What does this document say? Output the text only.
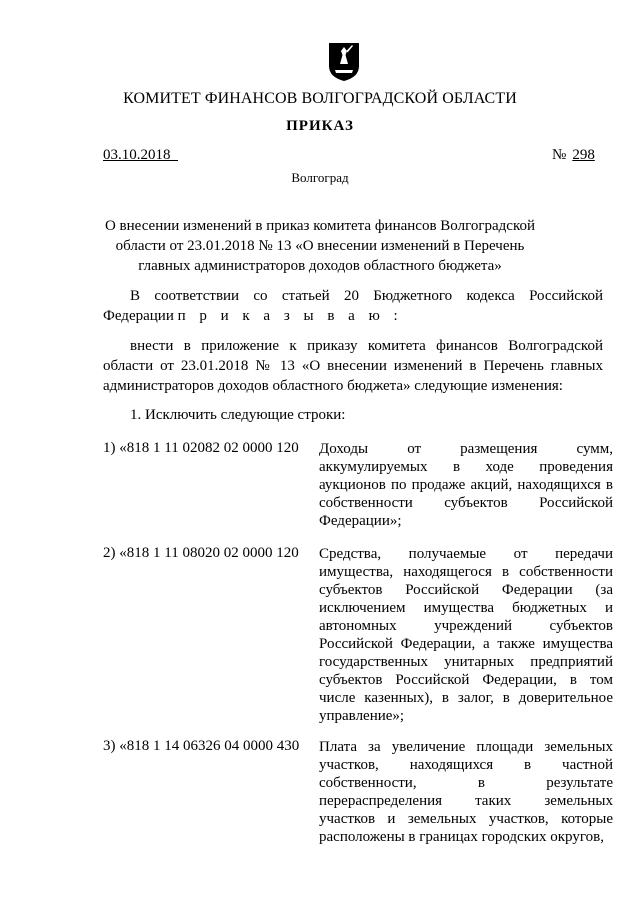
КОМИТЕТ ФИНАНСОВ ВОЛГОГРАДСКОЙ ОБЛАСТИ
ПРИКАЗ
03.10.2018	№ 298
Волгоград
О внесении изменений в приказ комитета финансов Волгоградской области от 23.01.2018 № 13 «О внесении изменений в Перечень главных администраторов доходов областного бюджета»
В соответствии со статьей 20 Бюджетного кодекса Российской Федерации п р и к а з ы в а ю :
внести в приложение к приказу комитета финансов Волгоградской области от 23.01.2018 № 13 «О внесении изменений в Перечень главных администраторов доходов областного бюджета» следующие изменения:
1. Исключить следующие строки:
1) «818 1 11 02082 02 0000 120	Доходы от размещения сумм, аккумулируемых в ходе проведения аукционов по продаже акций, находящихся в собственности субъектов Российской Федерации»;
2) «818 1 11 08020 02 0000 120	Средства, получаемые от передачи имущества, находящегося в собственности субъектов Российской Федерации (за исключением имущества бюджетных и автономных учреждений субъектов Российской Федерации, а также имущества государственных унитарных предприятий субъектов Российской Федерации, в том числе казенных), в залог, в доверительное управление»;
3) «818 1 14 06326 04 0000 430	Плата за увеличение площади земельных участков, находящихся в частной собственности, в результате перераспределения таких земельных участков и земельных участков, которые расположены в границах городских округов,
